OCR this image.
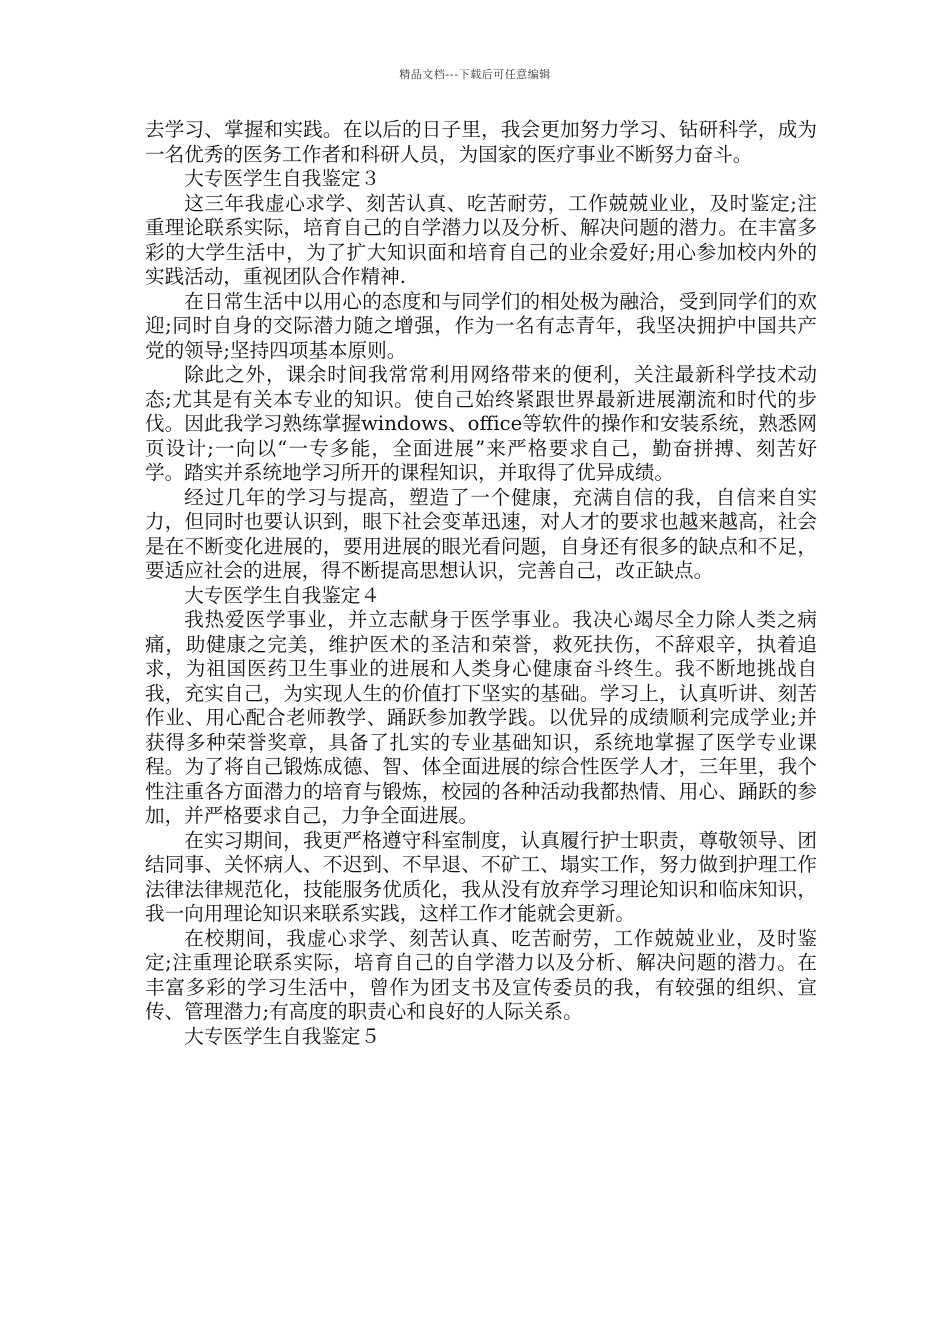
精品文档---下载后可任意编辑

去学习、掌握和实践。在以后的日子里，我会更加努力学习、钻研科学，成为一名优秀的医务工作者和科研人员，为国家的医疗事业不断努力奋斗。

大专医学生自我鉴定３

这三年我虚心求学、刻苦认真、吃苦耐劳，工作兢兢业业，及时鉴定;注重理论联系实际，培育自己的自学潜力以及分析、解决问题的潜力。在丰富多彩的大学生活中，为了扩大知识面和培育自己的业余爱好;用心参加校内外的实践活动，重视团队合作精神.

在日常生活中以用心的态度和与同学们的相处极为融洽，受到同学们的欢迎;同时自身的交际潜力随之增强，作为一名有志青年，我坚决拥护中国共产党的领导;坚持四项基本原则。

除此之外，课余时间我常常利用网络带来的便利，关注最新科学技术动态;尤其是有关本专业的知识。使自己始终紧跟世界最新进展潮流和时代的步伐。因此我学习熟练掌握windows、office等软件的操作和安装系统，熟悉网页设计;一向以“一专多能，全面进展”来严格要求自己，勤奋拼搏、刻苦好学。踏实并系统地学习所开的课程知识，并取得了优异成绩。

经过几年的学习与提高，塑造了一个健康，充满自信的我，自信来自实力，但同时也要认识到，眼下社会变革迅速，对人才的要求也越来越高，社会是在不断变化进展的，要用进展的眼光看问题，自身还有很多的缺点和不足，要适应社会的进展，得不断提高思想认识，完善自己，改正缺点。

大专医学生自我鉴定４

我热爱医学事业，并立志献身于医学事业。我决心竭尽全力除人类之病痛，助健康之完美，维护医术的圣洁和荣誉，救死扶伤，不辞艰辛，执着追求，为祖国医药卫生事业的进展和人类身心健康奋斗终生。我不断地挑战自我，充实自己，为实现人生的价值打下坚实的基础。学习上，认真听讲、刻苦作业、用心配合老师教学、踊跃参加教学践。以优异的成绩顺利完成学业;并获得多种荣誉奖章，具备了扎实的专业基础知识，系统地掌握了医学专业课程。为了将自己锻炼成德、智、体全面进展的综合性医学人才，三年里，我个性注重各方面潜力的培育与锻炼，校园的各种活动我都热情、用心、踊跃的参加，并严格要求自己，力争全面进展。

在实习期间，我更严格遵守科室制度，认真履行护士职责，尊敬领导、团结同事、关怀病人、不迟到、不早退、不矿工、塌实工作，努力做到护理工作法律法律规范化，技能服务优质化，我从没有放弃学习理论知识和临床知识，我一向用理论知识来联系实践，这样工作才能就会更新。

在校期间，我虚心求学、刻苦认真、吃苦耐劳，工作兢兢业业，及时鉴定;注重理论联系实际，培育自己的自学潜力以及分析、解决问题的潜力。在丰富多彩的学习生活中，曾作为团支书及宣传委员的我，有较强的组织、宣传、管理潜力;有高度的职责心和良好的人际关系。

大专医学生自我鉴定５
